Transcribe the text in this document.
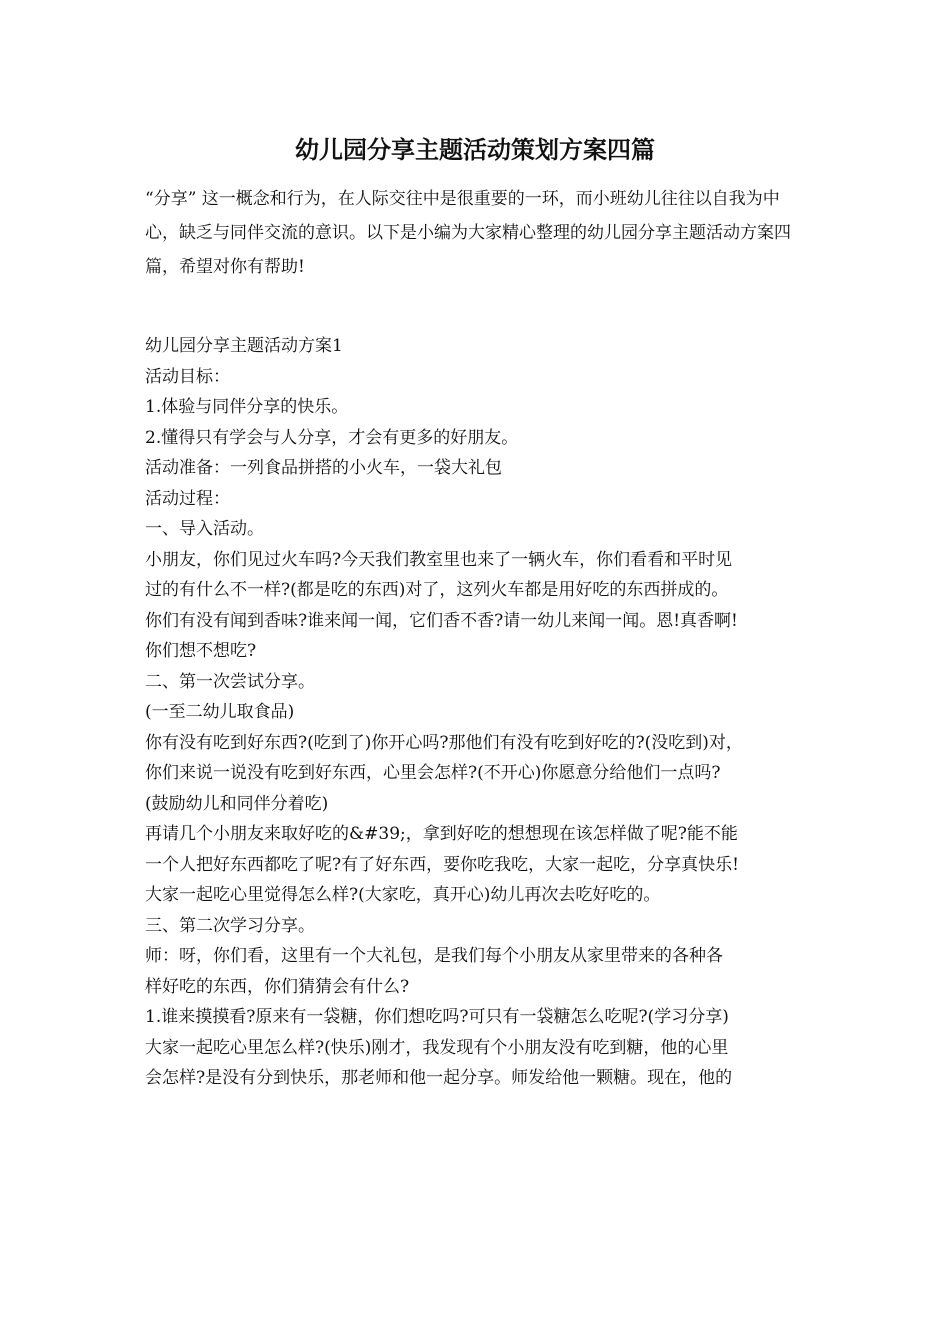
幼儿园分享主题活动策划方案四篇

“分享” 这一概念和行为，在人际交往中是很重要的一环，而小班幼儿往往以自我为中心，缺乏与同伴交流的意识。以下是小编为大家精心整理的幼儿园分享主题活动方案四篇，希望对你有帮助!

幼儿园分享主题活动方案1
活动目标：
1.体验与同伴分享的快乐。
2.懂得只有学会与人分享，才会有更多的好朋友。
活动准备：一列食品拼搭的小火车，一袋大礼包
活动过程：
一、导入活动。
小朋友，你们见过火车吗?今天我们教室里也来了一辆火车，你们看看和平时见
过的有什么不一样?(都是吃的东西)对了，这列火车都是用好吃的东西拼成的。
你们有没有闻到香味?谁来闻一闻，它们香不香?请一幼儿来闻一闻。恩!真香啊!
你们想不想吃?
二、第一次尝试分享。
(一至二幼儿取食品)
你有没有吃到好东西?(吃到了)你开心吗?那他们有没有吃到好吃的?(没吃到)对，
你们来说一说没有吃到好东西，心里会怎样?(不开心)你愿意分给他们一点吗?
(鼓励幼儿和同伴分着吃)
再请几个小朋友来取好吃的&#39;，拿到好吃的想想现在该怎样做了呢?能不能
一个人把好东西都吃了呢?有了好东西，要你吃我吃，大家一起吃，分享真快乐!
大家一起吃心里觉得怎么样?(大家吃，真开心)幼儿再次去吃好吃的。
三、第二次学习分享。
师：呀，你们看，这里有一个大礼包，是我们每个小朋友从家里带来的各种各
样好吃的东西，你们猜猜会有什么?
1.谁来摸摸看?原来有一袋糖，你们想吃吗?可只有一袋糖怎么吃呢?(学习分享)
大家一起吃心里怎么样?(快乐)刚才，我发现有个小朋友没有吃到糖，他的心里
会怎样?是没有分到快乐，那老师和他一起分享。师发给他一颗糖。现在，他的
